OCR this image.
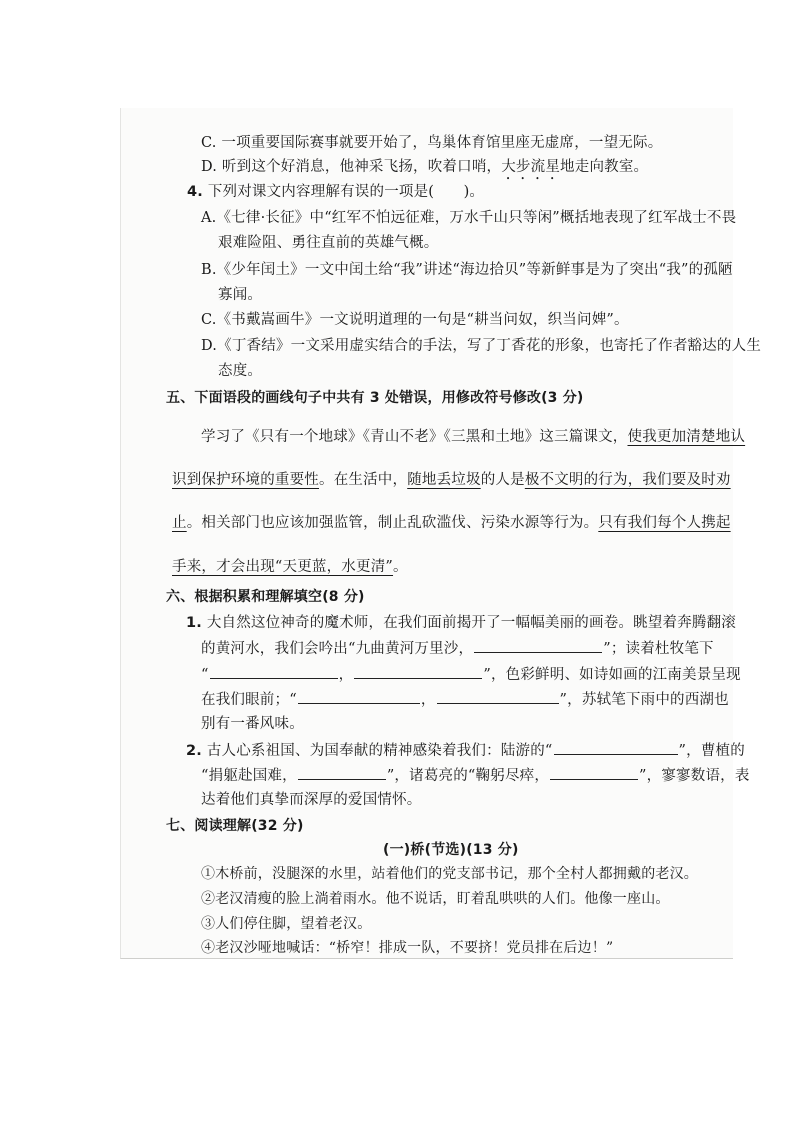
C. 一项重要国际赛事就要开始了，鸟巢体育馆里座无虚席，一望无际。
D. 听到这个好消息，他神采飞扬，吹着口哨，大步流星地走向教室。
4. 下列对课文内容理解有误的一项是(　　)。
A.《七律·长征》中“红军不怕远征难，万水千山只等闲”概括地表现了红军战士不畏
艰难险阻、勇往直前的英雄气概。
B.《少年闰土》一文中闰土给“我”讲述“海边拾贝”等新鲜事是为了突出“我”的孤陋
寡闻。
C.《书戴嵩画牛》一文说明道理的一句是“耕当问奴，织当问婢”。
D.《丁香结》一文采用虚实结合的手法，写了丁香花的形象，也寄托了作者豁达的人生
态度。
五、下面语段的画线句子中共有 3 处错误，用修改符号修改(3 分)
学习了《只有一个地球》《青山不老》《三黑和土地》这三篇课文，使我更加清楚地认
识到保护环境的重要性。在生活中，随地丢垃圾的人是极不文明的行为，我们要及时劝
止。相关部门也应该加强监管，制止乱砍滥伐、污染水源等行为。只有我们每个人携起
手来，才会出现“天更蓝，水更清”。
六、根据积累和理解填空(8 分)
1. 大自然这位神奇的魔术师，在我们面前揭开了一幅幅美丽的画卷。眺望着奔腾翻滚
的黄河水，我们会吟出“九曲黄河万里沙，	”；读着杜牧笔下
“	，	”，色彩鲜明、如诗如画的江南美景呈现
在我们眼前；“	，	”，苏轼笔下雨中的西湖也
别有一番风味。
2. 古人心系祖国、为国奉献的精神感染着我们：陆游的“	”，曹植的
“捐躯赴国难，	”，诸葛亮的“鞠躬尽瘁，	”，寥寥数语，表
达着他们真挚而深厚的爱国情怀。
七、阅读理解(32 分)
(一)桥(节选)(13 分)
①木桥前，没腿深的水里，站着他们的党支部书记，那个全村人都拥戴的老汉。
②老汉清瘦的脸上淌着雨水。他不说话，盯着乱哄哄的人们。他像一座山。
③人们停住脚，望着老汉。
④老汉沙哑地喊话：“桥窄！排成一队，不要挤！党员排在后边！”
